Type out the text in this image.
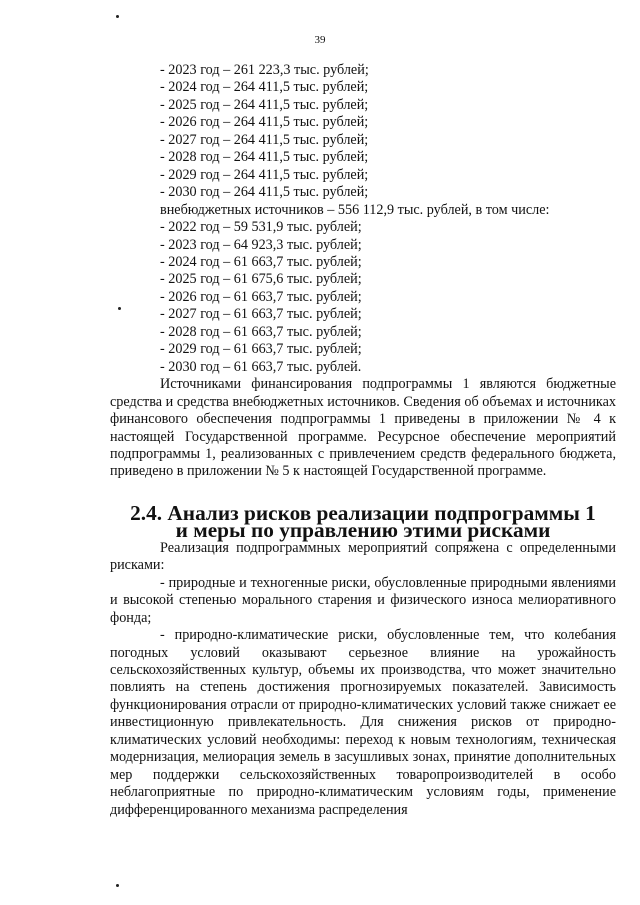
39
- 2023 год – 261 223,3 тыс. рублей;
- 2024 год – 264 411,5 тыс. рублей;
- 2025 год – 264 411,5 тыс. рублей;
- 2026 год – 264 411,5 тыс. рублей;
- 2027 год – 264 411,5 тыс. рублей;
- 2028 год – 264 411,5 тыс. рублей;
- 2029 год – 264 411,5 тыс. рублей;
- 2030 год – 264 411,5 тыс. рублей;
внебюджетных источников – 556 112,9 тыс. рублей, в том числе:
- 2022 год – 59 531,9 тыс. рублей;
- 2023 год – 64 923,3 тыс. рублей;
- 2024 год – 61 663,7 тыс. рублей;
- 2025 год – 61 675,6 тыс. рублей;
- 2026 год – 61 663,7 тыс. рублей;
- 2027 год – 61 663,7 тыс. рублей;
- 2028 год – 61 663,7 тыс. рублей;
- 2029 год – 61 663,7 тыс. рублей;
- 2030 год – 61 663,7 тыс. рублей.

Источниками финансирования подпрограммы 1 являются бюджетные средства и средства внебюджетных источников. Сведения об объемах и источниках финансового обеспечения подпрограммы 1 приведены в приложении № 4 к настоящей Государственной программе. Ресурсное обеспечение мероприятий подпрограммы 1, реализованных с привлечением средств федерального бюджета, приведено в приложении № 5 к настоящей Государственной программе.

2.4. Анализ рисков реализации подпрограммы 1
и меры по управлению этими рисками

Реализация подпрограммных мероприятий сопряжена с определенными рисками:

- природные и техногенные риски, обусловленные природными явлениями и высокой степенью морального старения и физического износа мелиоративного фонда;

- природно-климатические риски, обусловленные тем, что колебания погодных условий оказывают серьезное влияние на урожайность сельскохозяйственных культур, объемы их производства, что может значительно повлиять на степень достижения прогнозируемых показателей. Зависимость функционирования отрасли от природно-климатических условий также снижает ее инвестиционную привлекательность. Для снижения рисков от природно-климатических условий необходимы: переход к новым технологиям, техническая модернизация, мелиорация земель в засушливых зонах, принятие дополнительных мер поддержки сельскохозяйственных товаропроизводителей в особо неблагоприятные по природно-климатическим условиям годы, применение дифференцированного механизма распределения
